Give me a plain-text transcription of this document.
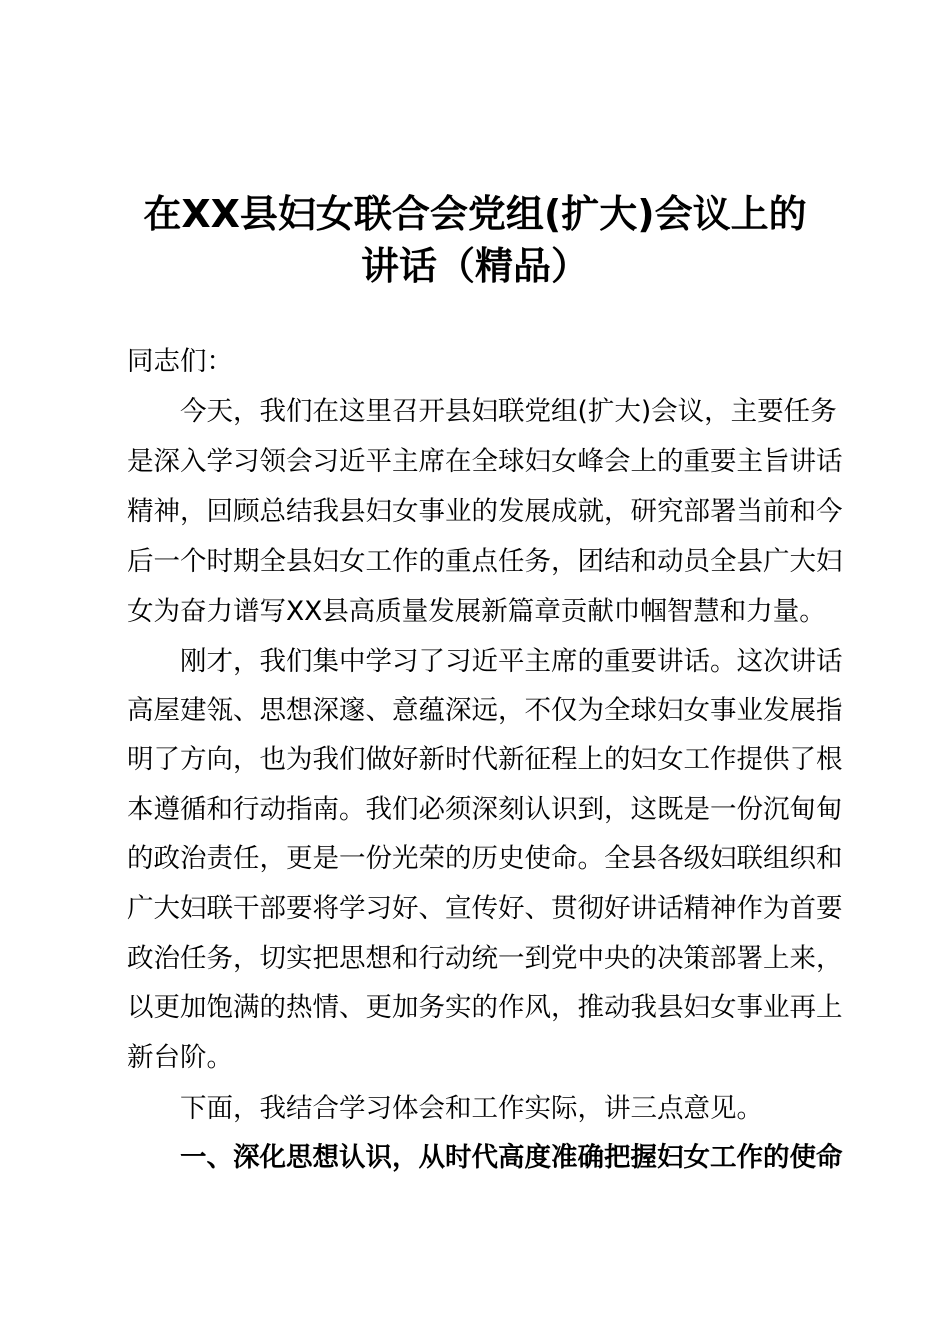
在XX县妇女联合会党组(扩大)会议上的
讲话（精品）
同志们：
今天，我们在这里召开县妇联党组(扩大)会议，主要任务
是深入学习领会习近平主席在全球妇女峰会上的重要主旨讲话
精神，回顾总结我县妇女事业的发展成就，研究部署当前和今
后一个时期全县妇女工作的重点任务，团结和动员全县广大妇
女为奋力谱写XX县高质量发展新篇章贡献巾帼智慧和力量。
刚才，我们集中学习了习近平主席的重要讲话。这次讲话
高屋建瓴、思想深邃、意蕴深远，不仅为全球妇女事业发展指
明了方向，也为我们做好新时代新征程上的妇女工作提供了根
本遵循和行动指南。我们必须深刻认识到，这既是一份沉甸甸
的政治责任，更是一份光荣的历史使命。全县各级妇联组织和
广大妇联干部要将学习好、宣传好、贯彻好讲话精神作为首要
政治任务，切实把思想和行动统一到党中央的决策部署上来，
以更加饱满的热情、更加务实的作风，推动我县妇女事业再上
新台阶。
下面，我结合学习体会和工作实际，讲三点意见。
一、深化思想认识，从时代高度准确把握妇女工作的使命
